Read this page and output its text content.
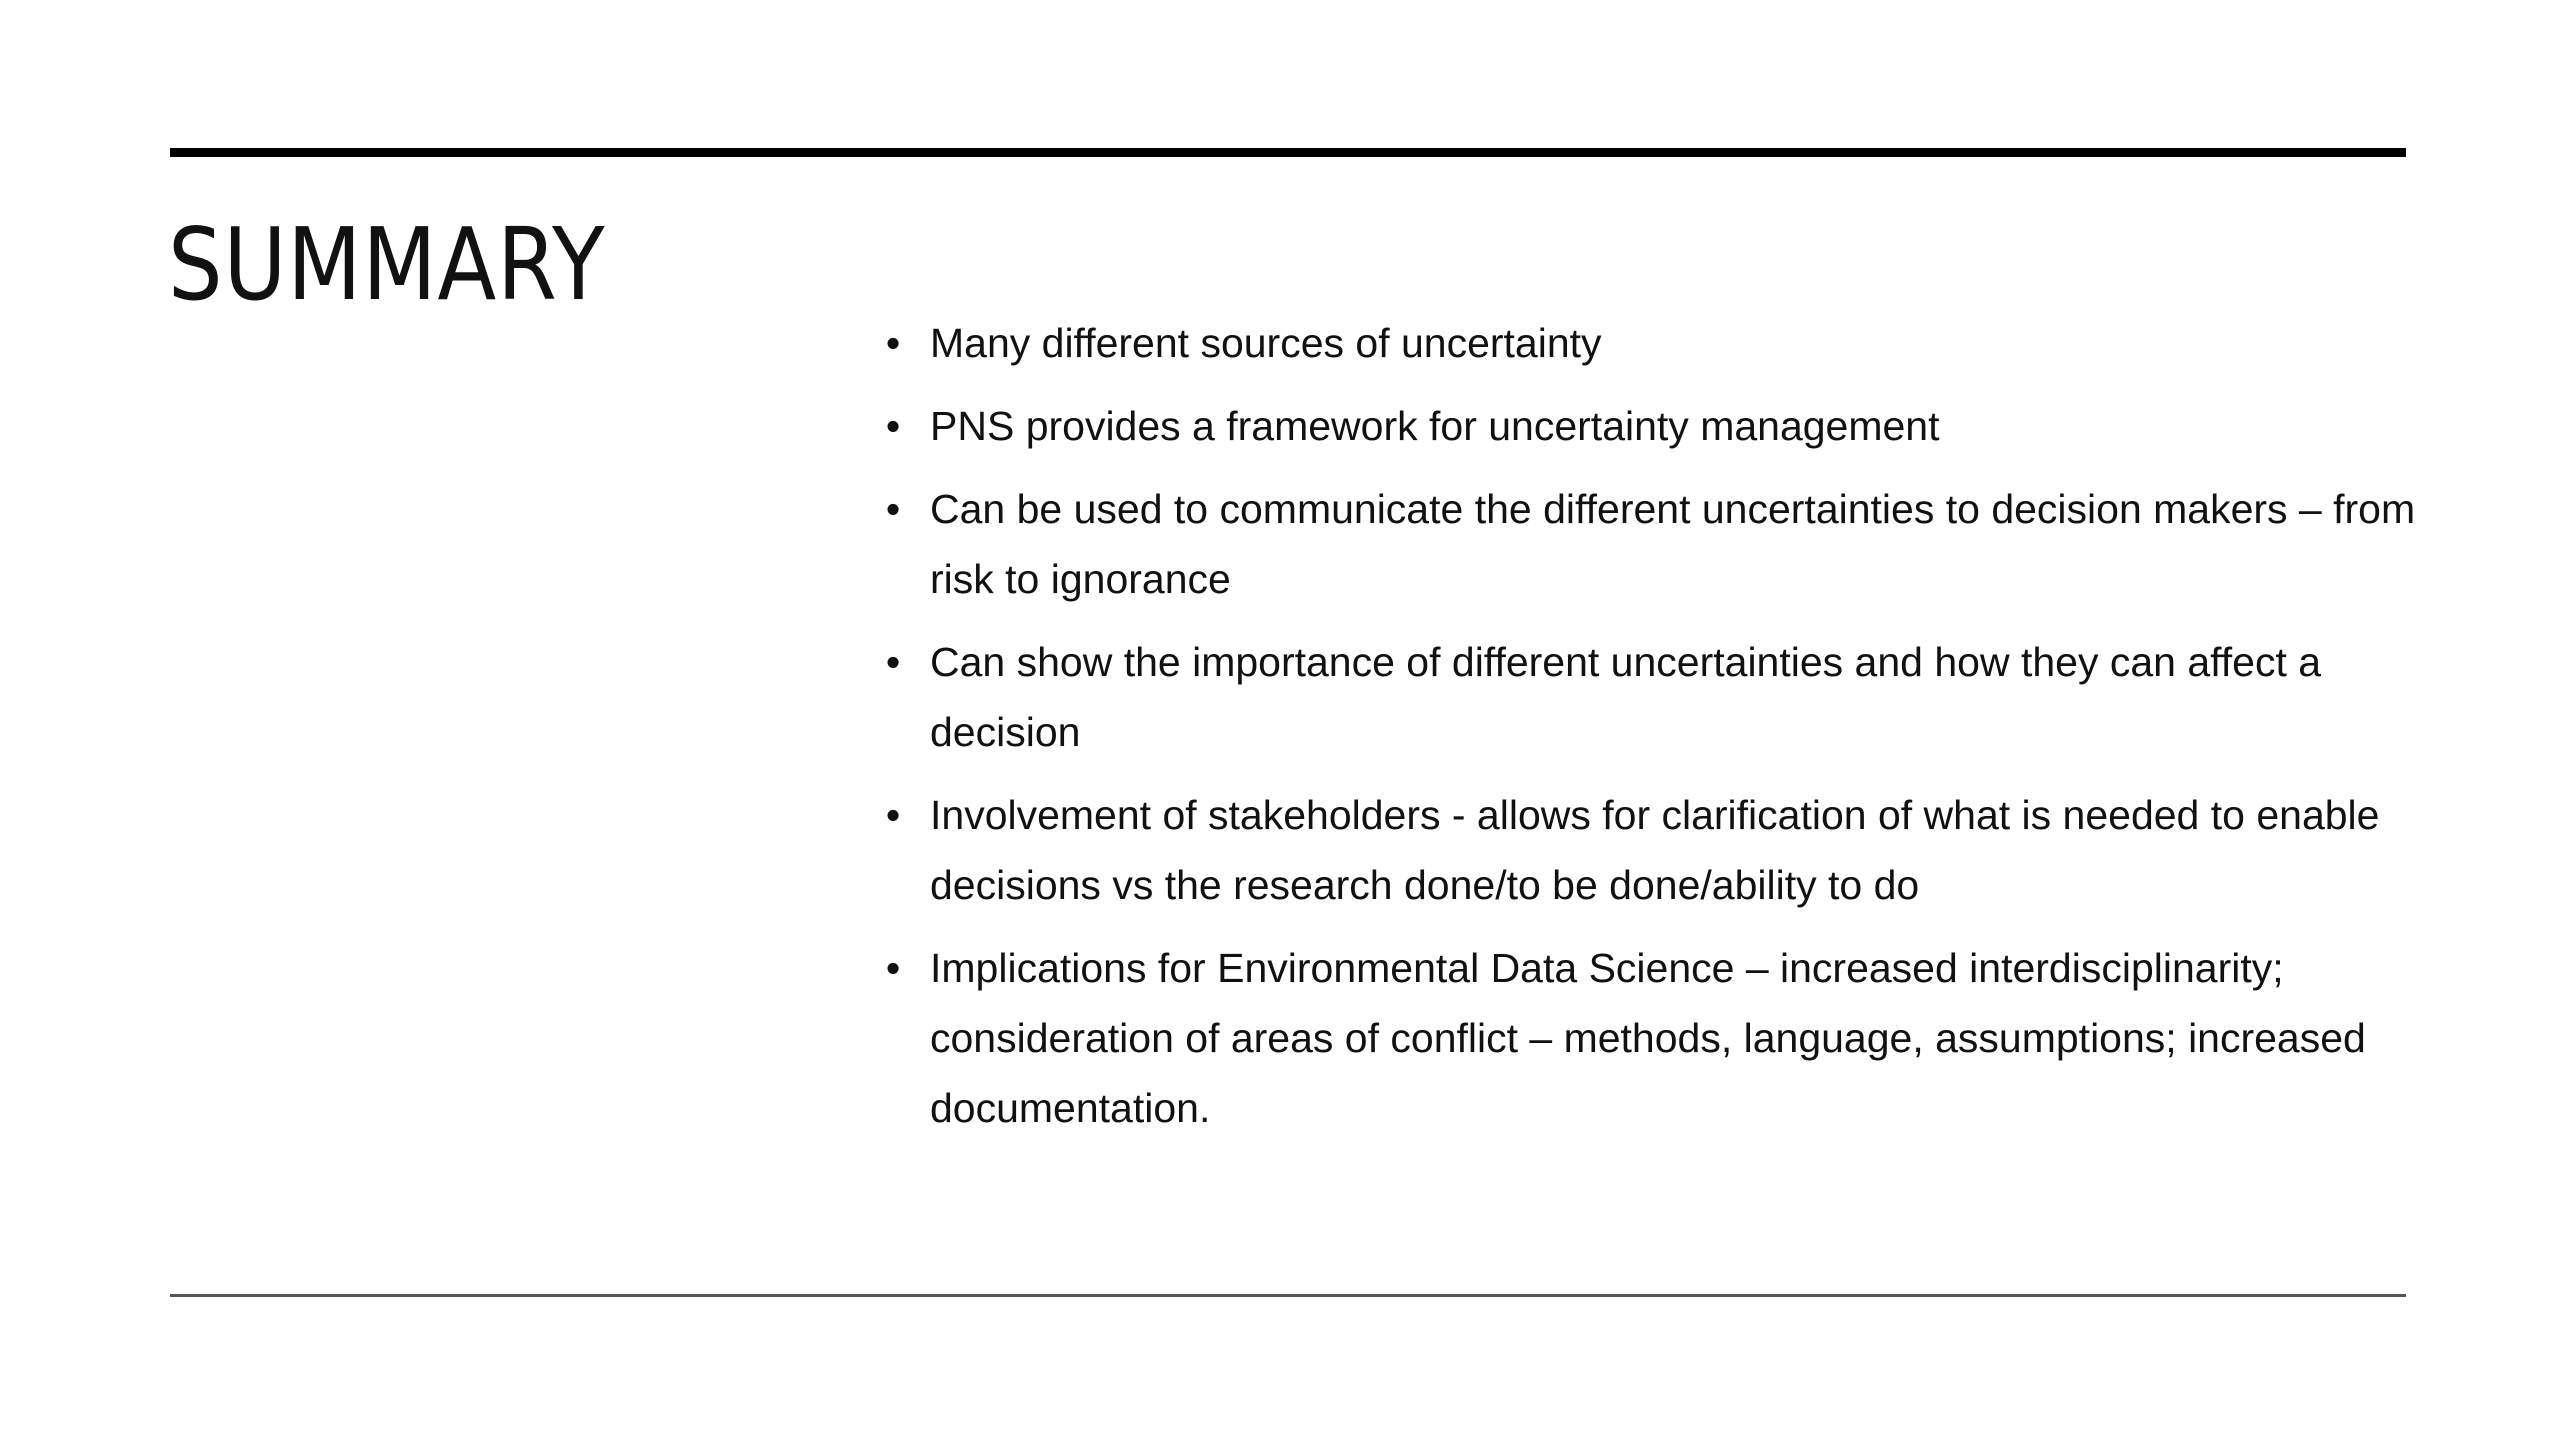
SUMMARY
• Many different sources of uncertainty
• PNS provides a framework for uncertainty management
• Can be used to communicate the different uncertainties to decision makers – from risk to ignorance
• Can show the importance of different uncertainties and how they can affect a decision
• Involvement of stakeholders - allows for clarification of what is needed to enable decisions vs the research done/to be done/ability to do
• Implications for Environmental Data Science – increased interdisciplinarity; consideration of areas of conflict – methods, language, assumptions; increased documentation.
